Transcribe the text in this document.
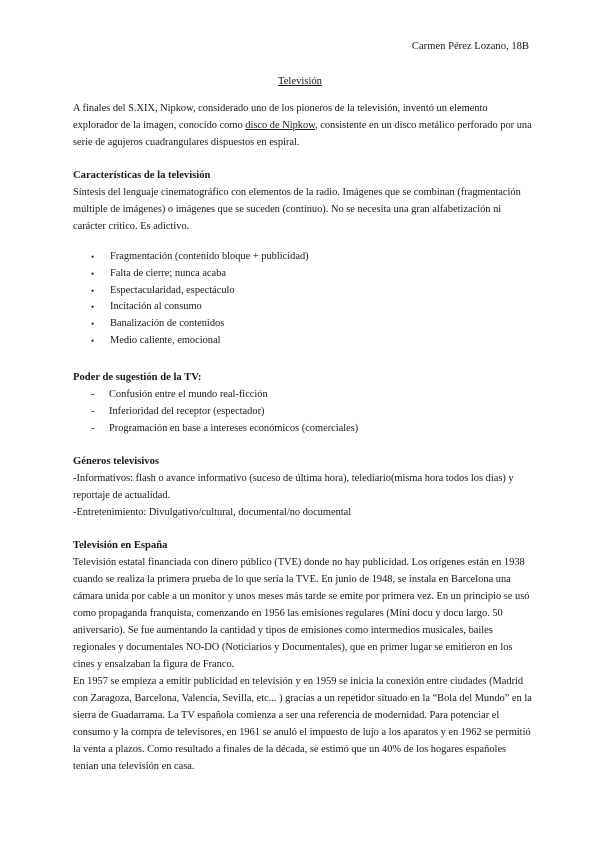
Carmen Pérez Lozano, 18B
Televisión

A finales del S.XIX, Nipkow, considerado uno de los pioneros de la televisión, inventó un elemento explorador de la imagen, conocido como disco de Nipkow, consistente en un disco metálico perforado por una serie de agujeros cuadrangulares dispuestos en espiral.

Características de la televisión

Síntesis del lenguaje cinematográfico con elementos de la radio. Imágenes que se combinan (fragmentación múltiple de imágenes) o imágenes que se suceden (continuo). No se necesita una gran alfabetización ni carácter crítico. Es adictivo.

• Fragmentación (contenido bloque + publicidad)
• Falta de cierre; nunca acaba
• Espectacularidad, espectáculo
• Incitación al consumo
• Banalización de contenidos
• Medio caliente, emocional
Poder de sugestión de la TV:
- Confusión entre el mundo real-ficción
- Inferioridad del receptor (espectador)
- Programación en base a intereses económicos (comerciales)
Géneros televisivos

-Informativos: flash o avance informativo (suceso de última hora), telediario(misma hora todos los días) y reportaje de actualidad.

-Entretenimiento: Divulgativo/cultural, documental/no documental

Televisión en España

Televisión estatal financiada con dinero público (TVE) donde no hay publicidad. Los orígenes están en 1938 cuando se realiza la primera prueba de lo que sería la TVE. En junio de 1948, se instala en Barcelona una cámara unida por cable a un monitor y unos meses más tarde se emite por primera vez. En un principio se usó como propaganda franquista, comenzando en 1956 las emisiones regulares (Mini docu y docu largo. 50 aniversario). Se fue aumentando la cantidad y tipos de emisiones como intermedios musicales, bailes regionales y documentales NO-DO (Noticiarios y Documentales), que en primer lugar se emitieron en los cines y ensalzaban la figura de Franco.

En 1957 se empieza a emitir publicidad en televisión y en 1959 se inicia la conexión entre ciudades (Madrid con Zaragoza, Barcelona, Valencia, Sevilla, etc... ) gracias a un repetidor situado en la “Bola del Mundo” en la sierra de Guadarrama. La TV española comienza a ser una referencia de modernidad. Para potenciar el consumo y la compra de televisores, en 1961 se anuló el impuesto de lujo a los aparatos y en 1962 se permitió la venta a plazos. Como resultado a finales de la década, se estimó que un 40% de los hogares españoles tenían una televisión en casa.
